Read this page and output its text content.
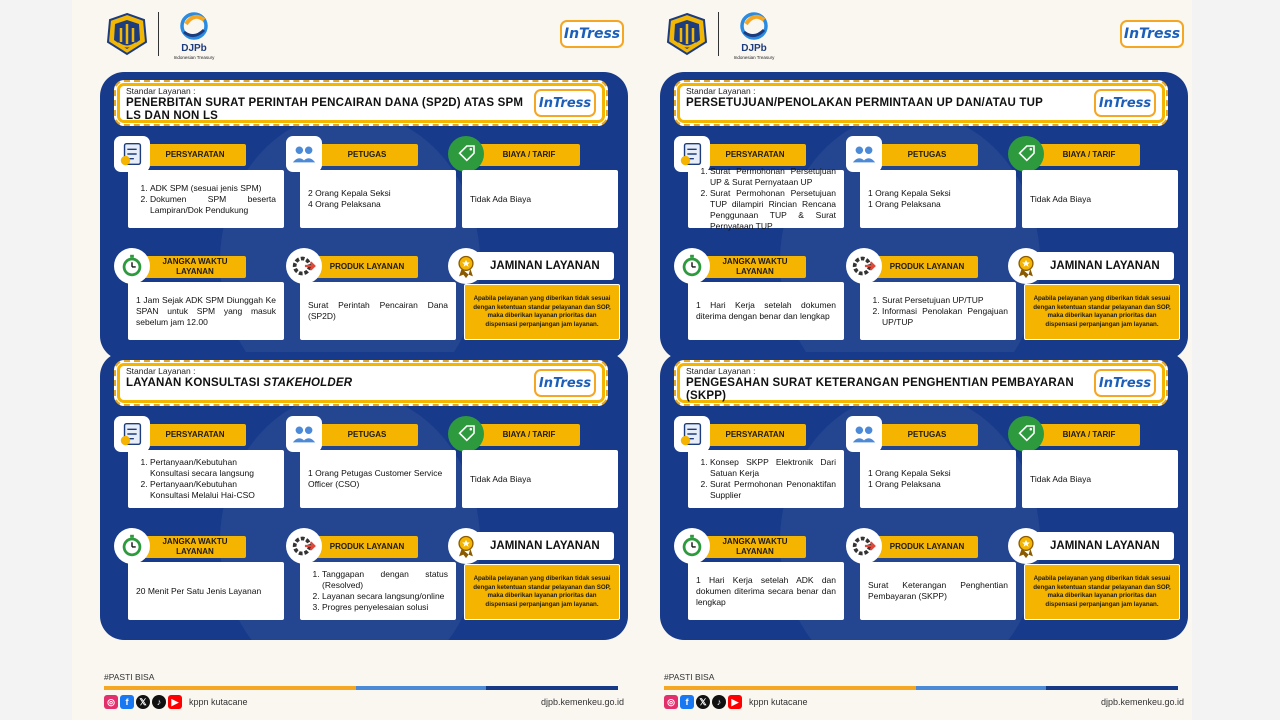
DJPb
Indonesian Treasury
InTress
Standar Layanan :
PENERBITAN SURAT PERINTAH PENCAIRAN DANA (SP2D) ATAS SPM LS DAN NON LS
InTress
PERSYARATAN
1. ADK SPM (sesuai jenis SPM)
2. Dokumen SPM beserta Lampiran/Dok Pendukung
PETUGAS
2 Orang Kepala Seksi
4 Orang Pelaksana
BIAYA / TARIF
Tidak Ada Biaya
JANGKA WAKTU LAYANAN
1 Jam Sejak ADK SPM Diunggah Ke SPAN untuk SPM yang masuk sebelum jam 12.00
PRODUK LAYANAN
Surat Perintah Pencairan Dana (SP2D)
JAMINAN LAYANAN
Apabila pelayanan yang diberikan tidak sesuai dengan ketentuan standar pelayanan dan SOP, maka diberikan layanan prioritas dan dispensasi perpanjangan jam layanan.
Standar Layanan :
LAYANAN KONSULTASI STAKEHOLDER	InTress
PERSYARATAN
1. Pertanyaan/Kebutuhan Konsultasi secara langsung
2. Pertanyaan/Kebutuhan Konsultasi Melalui Hai-CSO
PETUGAS
1 Orang Petugas Customer Service Officer (CSO)
BIAYA / TARIF
Tidak Ada Biaya
JANGKA WAKTU LAYANAN
20 Menit Per Satu Jenis Layanan
PRODUK LAYANAN
1. Tanggapan dengan status (Resolved)
2. Layanan secara langsung/online
3. Progres penyelesaian solusi
JAMINAN LAYANAN
Apabila pelayanan yang diberikan tidak sesuai dengan ketentuan standar pelayanan dan SOP, maka diberikan layanan prioritas dan dispensasi perpanjangan jam layanan.
#PASTI BISA
◎	f	𝕏	♪	▶	kppn kutacane	djpb.kemenkeu.go.id
DJPb
Indonesian Treasury
InTress
Standar Layanan :
PERSETUJUAN/PENOLAKAN PERMINTAAN UP DAN/ATAU TUP	InTress
PERSYARATAN
1. Surat Permohonan Persetujuan UP & Surat Pernyataan UP
2. Surat Permohonan Persetujuan TUP dilampiri Rincian Rencana Penggunaan TUP & Surat Pernyataan TUP
PETUGAS
1 Orang Kepala Seksi
1 Orang Pelaksana
BIAYA / TARIF
Tidak Ada Biaya
JANGKA WAKTU LAYANAN
1 Hari Kerja setelah dokumen diterima dengan benar dan lengkap
PRODUK LAYANAN
1. Surat Persetujuan UP/TUP
2. Informasi Penolakan Pengajuan UP/TUP
JAMINAN LAYANAN
Apabila pelayanan yang diberikan tidak sesuai dengan ketentuan standar pelayanan dan SOP, maka diberikan layanan prioritas dan dispensasi perpanjangan jam layanan.
Standar Layanan :
PENGESAHAN SURAT KETERANGAN PENGHENTIAN PEMBAYARAN (SKPP)
InTress
PERSYARATAN
1. Konsep SKPP Elektronik Dari Satuan Kerja
2. Surat Permohonan Penonaktifan Supplier
PETUGAS
1 Orang Kepala Seksi
1 Orang Pelaksana
BIAYA / TARIF
Tidak Ada Biaya
JANGKA WAKTU LAYANAN
1 Hari Kerja setelah ADK dan dokumen diterima secara benar dan lengkap
PRODUK LAYANAN
Surat Keterangan Penghentian Pembayaran (SKPP)
JAMINAN LAYANAN
Apabila pelayanan yang diberikan tidak sesuai dengan ketentuan standar pelayanan dan SOP, maka diberikan layanan prioritas dan dispensasi perpanjangan jam layanan.
#PASTI BISA
◎	f	𝕏	♪	▶	kppn kutacane	djpb.kemenkeu.go.id
